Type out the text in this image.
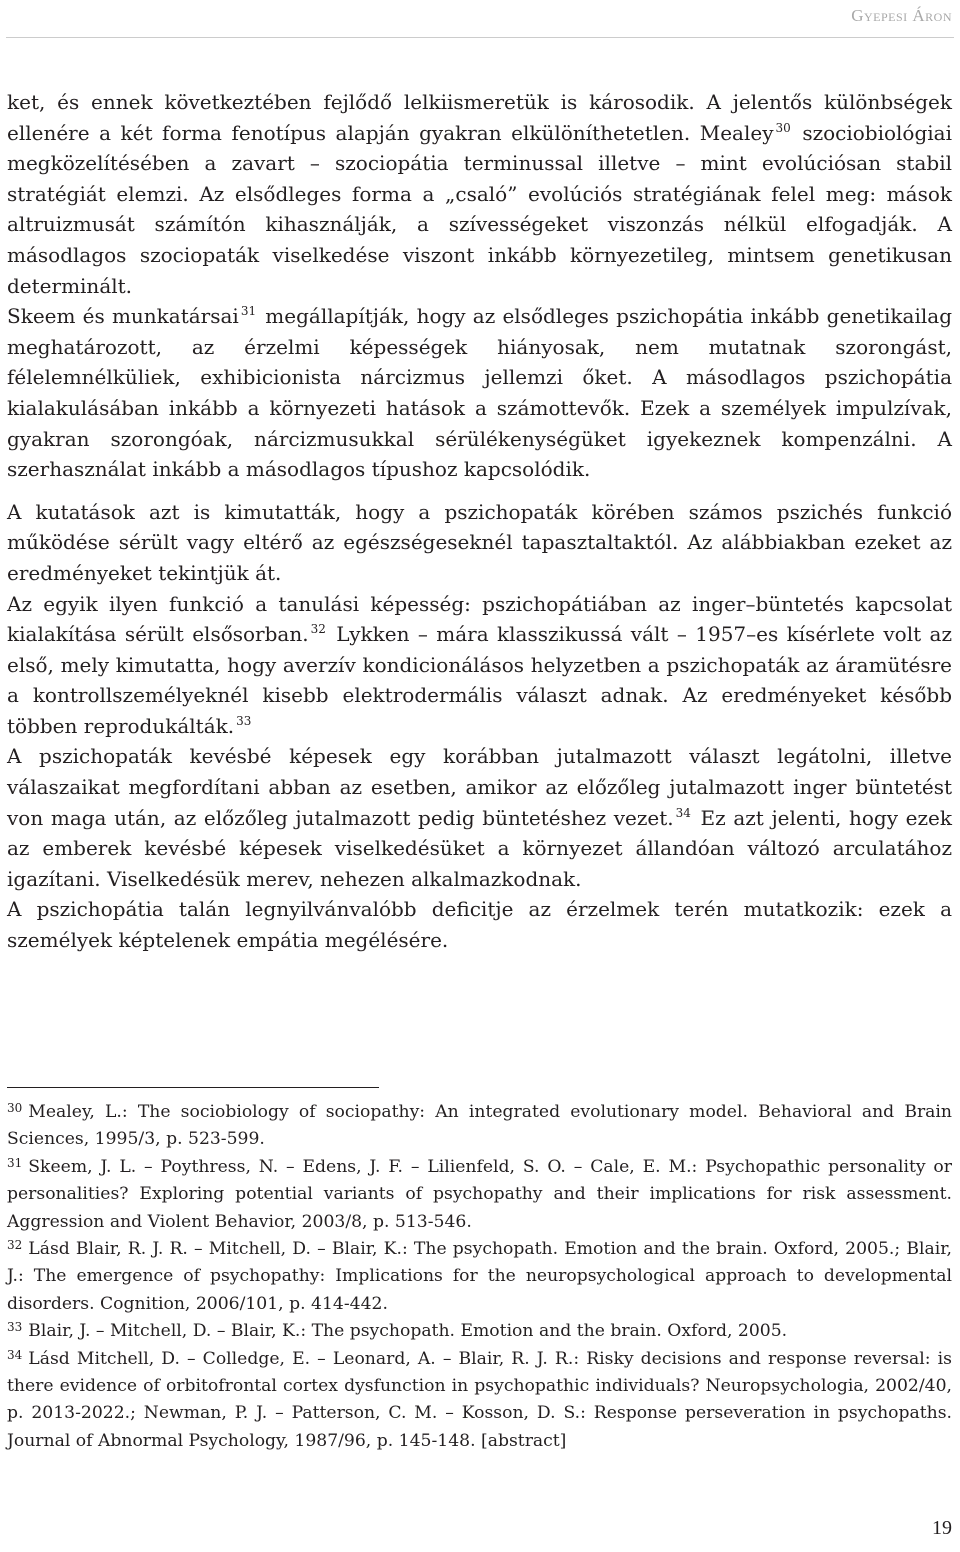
Gyepesi Áron

ket, és ennek következtében fejlődő lelkiismeretük is károsodik. A jelentős különbségek ellenére a két forma fenotípus alapján gyakran elkülöníthetetlen. Mealey $^{30}$ szociobiológiai megközelítésében a zavart – szociopátia terminussal illetve – mint evolúciósan stabil stratégiát elemzi. Az elsődleges forma a „csaló” evolúciós stratégiának felel meg: mások altruizmusát számítón kihasználják, a szívességeket viszonzás nélkül elfogadják. A másodlagos szociopaták viselkedése viszont inkább környezetileg, mintsem genetikusan determinált.

Skeem és munkatársai $^{31}$ megállapítják, hogy az elsődleges pszichopátia inkább genetikailag meghatározott, az érzelmi képességek hiányosak, nem mutatnak szorongást, félelemnélküliek, exhibicionista nárcizmus jellemzi őket. A másodlagos pszichopátia kialakulásában inkább a környezeti hatások a számottevők. Ezek a személyek impulzívak, gyakran szorongóak, nárcizmusukkal sérülékenységüket igyekeznek kompenzálni. A szerhasználat inkább a másodlagos típushoz kapcsolódik.

A kutatások azt is kimutatták, hogy a pszichopaták körében számos pszichés funkció működése sérült vagy eltérő az egészségeseknél tapasztaltaktól. Az alábbiakban ezeket az eredményeket tekintjük át.

Az egyik ilyen funkció a tanulási képesség: pszichopátiában az inger–büntetés kapcsolat kialakítása sérült elsősorban. $^{32}$ Lykken – mára klasszikussá vált – 1957–es kísérlete volt az első, mely kimutatta, hogy averzív kondicionálásos helyzetben a pszichopaták az áramütésre a kontrollszemélyeknél kisebb elektrodermális választ adnak. Az eredményeket később többen reprodukálták. $^{33}$

A pszichopaták kevésbé képesek egy korábban jutalmazott választ legátolni, illetve válaszaikat megfordítani abban az esetben, amikor az előzőleg jutalmazott inger büntetést von maga után, az előzőleg jutalmazott pedig büntetéshez vezet. $^{34}$ Ez azt jelenti, hogy ezek az emberek kevésbé képesek viselkedésüket a környezet állandóan változó arculatához igazítani. Viselkedésük merev, nehezen alkalmazkodnak.

A pszichopátia talán legnyilvánvalóbb deficitje az érzelmek terén mutatkozik: ezek a személyek képtelenek empátia megélésére.

$^{30}$ Mealey, L.: The sociobiology of sociopathy: An integrated evolutionary model. Behavioral and Brain Sciences, 1995/3, p. 523-599.

$^{31}$ Skeem, J. L. – Poythress, N. – Edens, J. F. – Lilienfeld, S. O. – Cale, E. M.: Psychopathic personality or personalities? Exploring potential variants of psychopathy and their implications for risk assessment. Aggression and Violent Behavior, 2003/8, p. 513-546.

$^{32}$ Lásd Blair, R. J. R. – Mitchell, D. – Blair, K.: The psychopath. Emotion and the brain. Oxford, 2005.; Blair, J.: The emergence of psychopathy: Implications for the neuropsychological approach to developmental disorders. Cognition, 2006/101, p. 414-442.

$^{33}$ Blair, J. – Mitchell, D. – Blair, K.: The psychopath. Emotion and the brain. Oxford, 2005.

$^{34}$ Lásd Mitchell, D. – Colledge, E. – Leonard, A. – Blair, R. J. R.: Risky decisions and response reversal: is there evidence of orbitofrontal cortex dysfunction in psychopathic individuals? Neuropsychologia, 2002/40, p. 2013-2022.; Newman, P. J. – Patterson, C. M. – Kosson, D. S.: Response perseveration in psychopaths. Journal of Abnormal Psychology, 1987/96, p. 145-148. [abstract]

19
